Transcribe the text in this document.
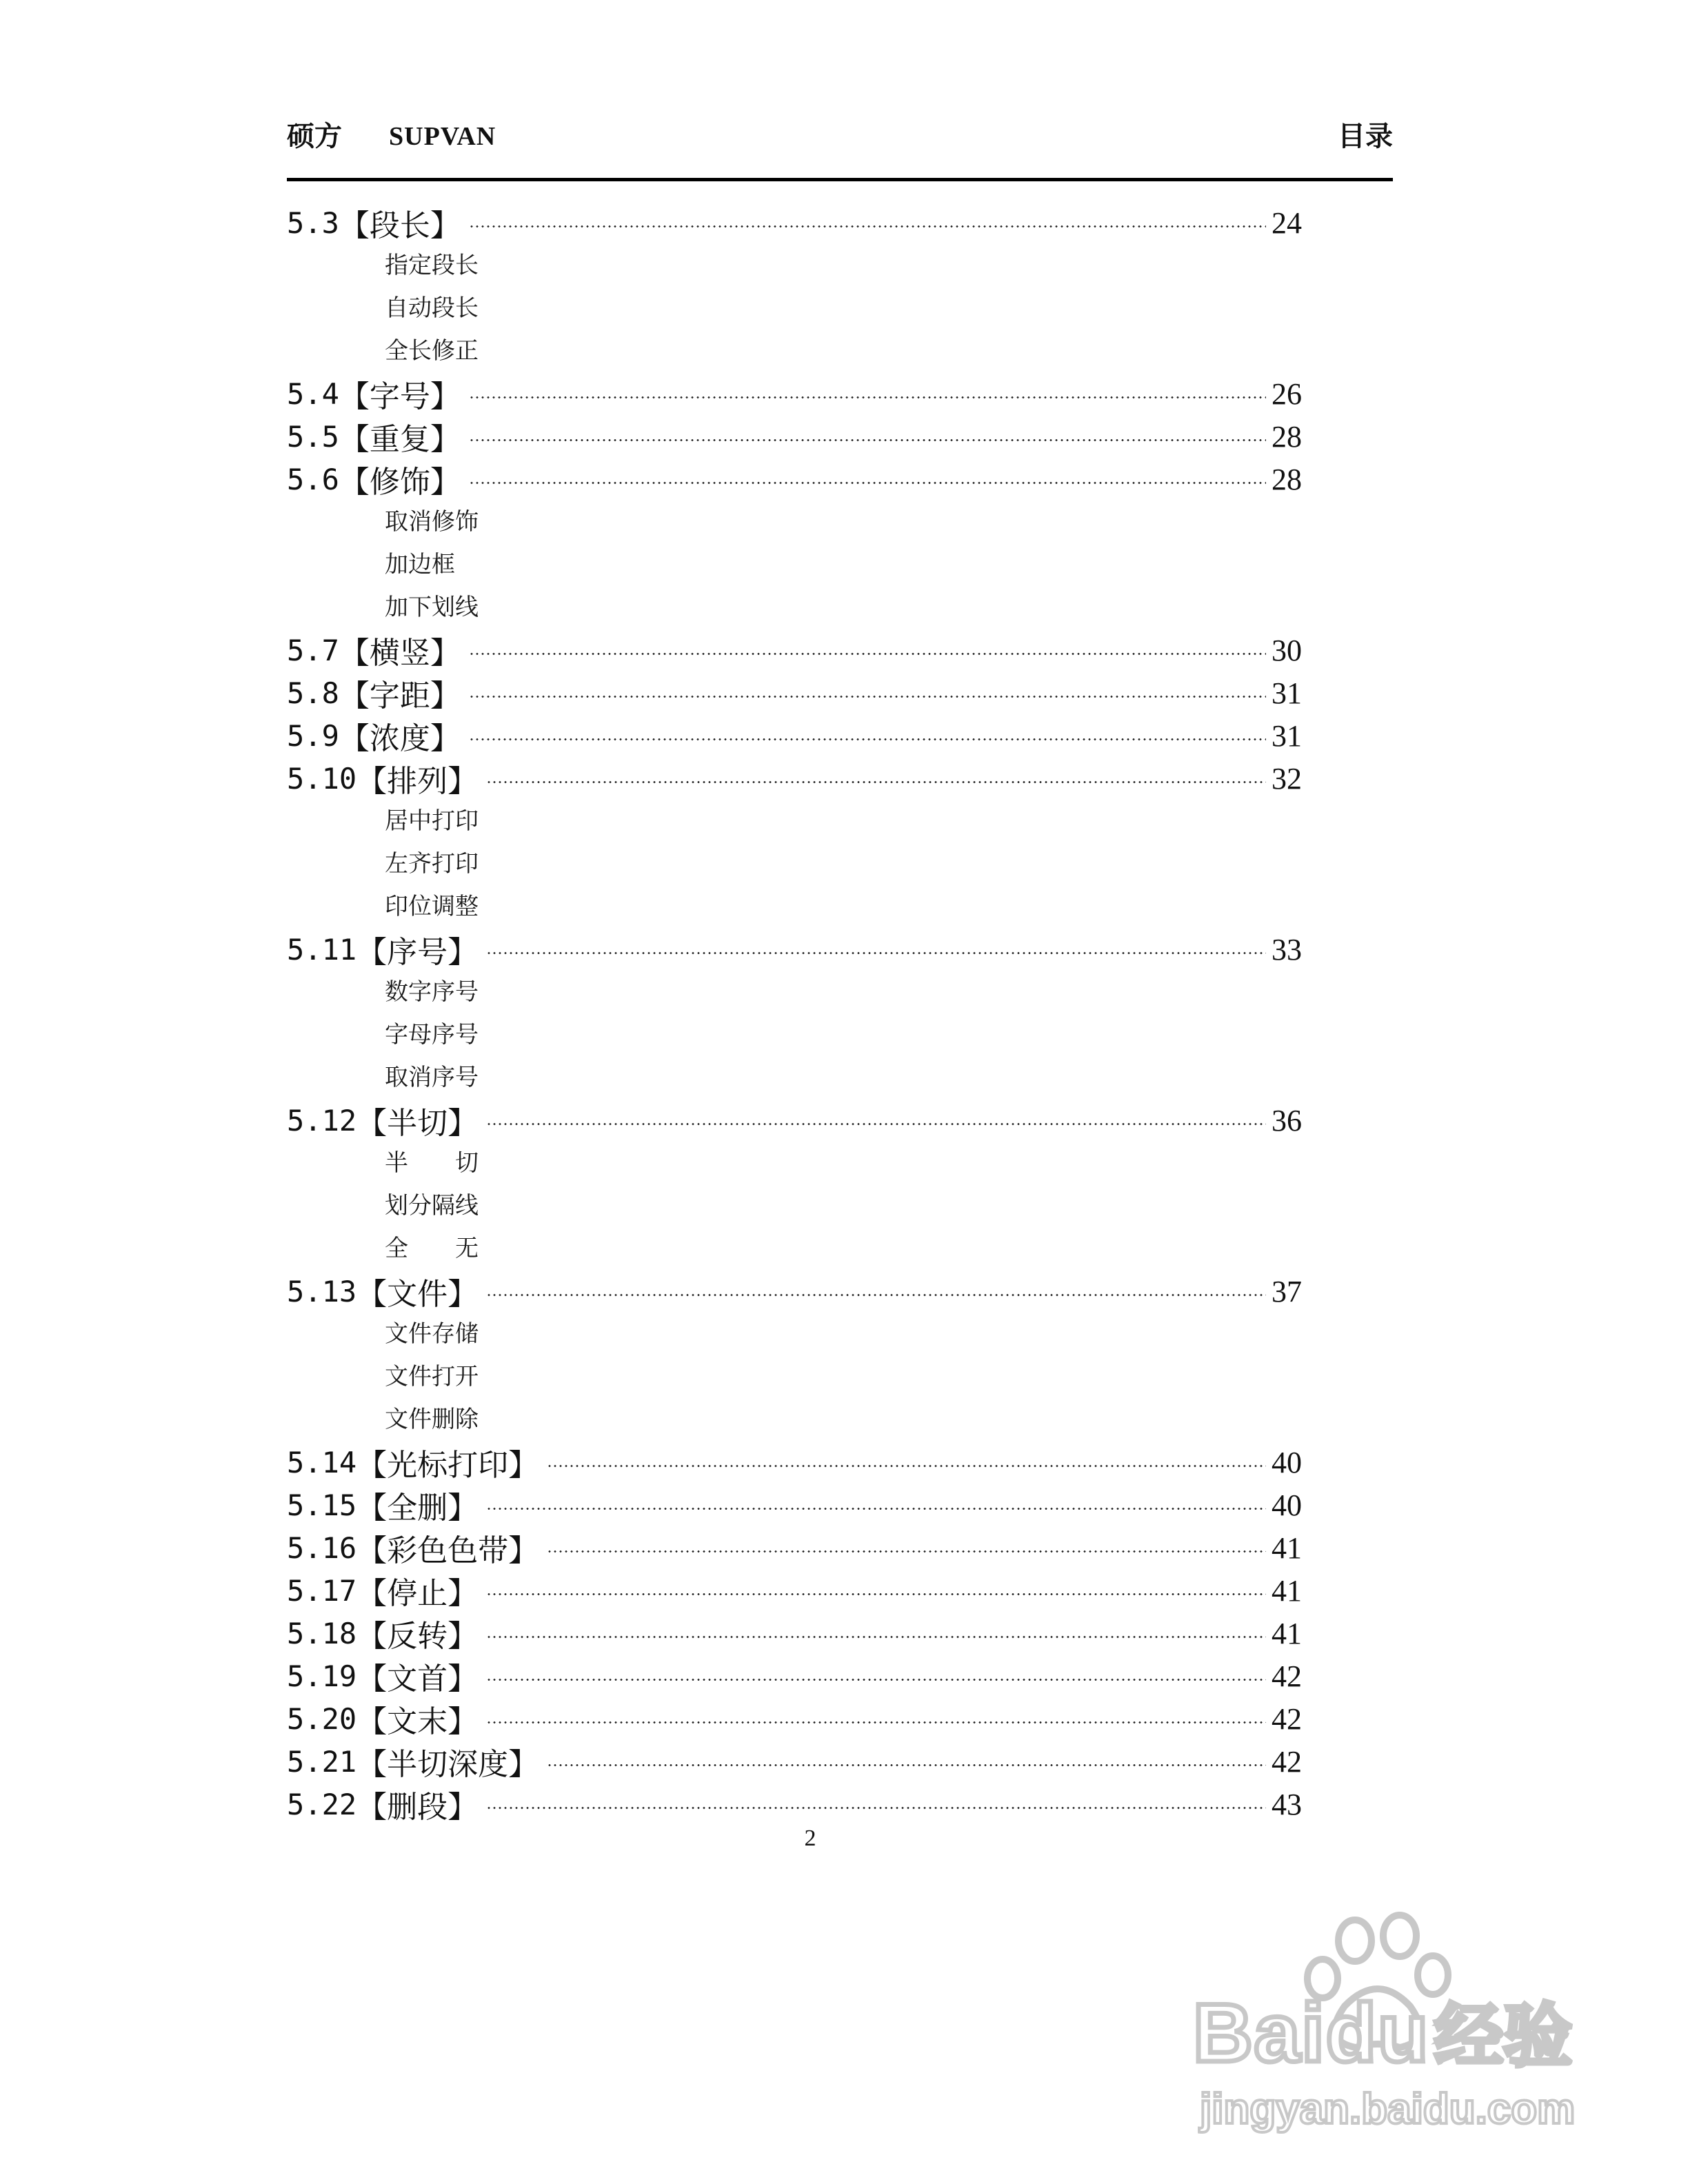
硕方 SUPVAN	目录
5.3 【段长】	24
指定段长
自动段长
全长修正
5.4 【字号】	26
5.5 【重复】	28
5.6 【修饰】	28
取消修饰
加边框
加下划线
5.7 【横竖】	30
5.8 【字距】	31
5.9 【浓度】	31
5.10 【排列】	32
居中打印
左齐打印
印位调整
5.11 【序号】	33
数字序号
字母序号
取消序号
5.12 【半切】	36
半　　切
划分隔线
全　　无
5.13 【文件】	37
文件存储
文件打开
文件删除
5.14 【光标打印】	40
5.15 【全删】	40
5.16 【彩色色带】	41
5.17 【停止】	41
5.18 【反转】	41
5.19 【文首】	42
5.20 【文末】	42
5.21 【半切深度】	42
5.22 【删段】	43
2
Baidu 经验
jingyan.baidu.com
